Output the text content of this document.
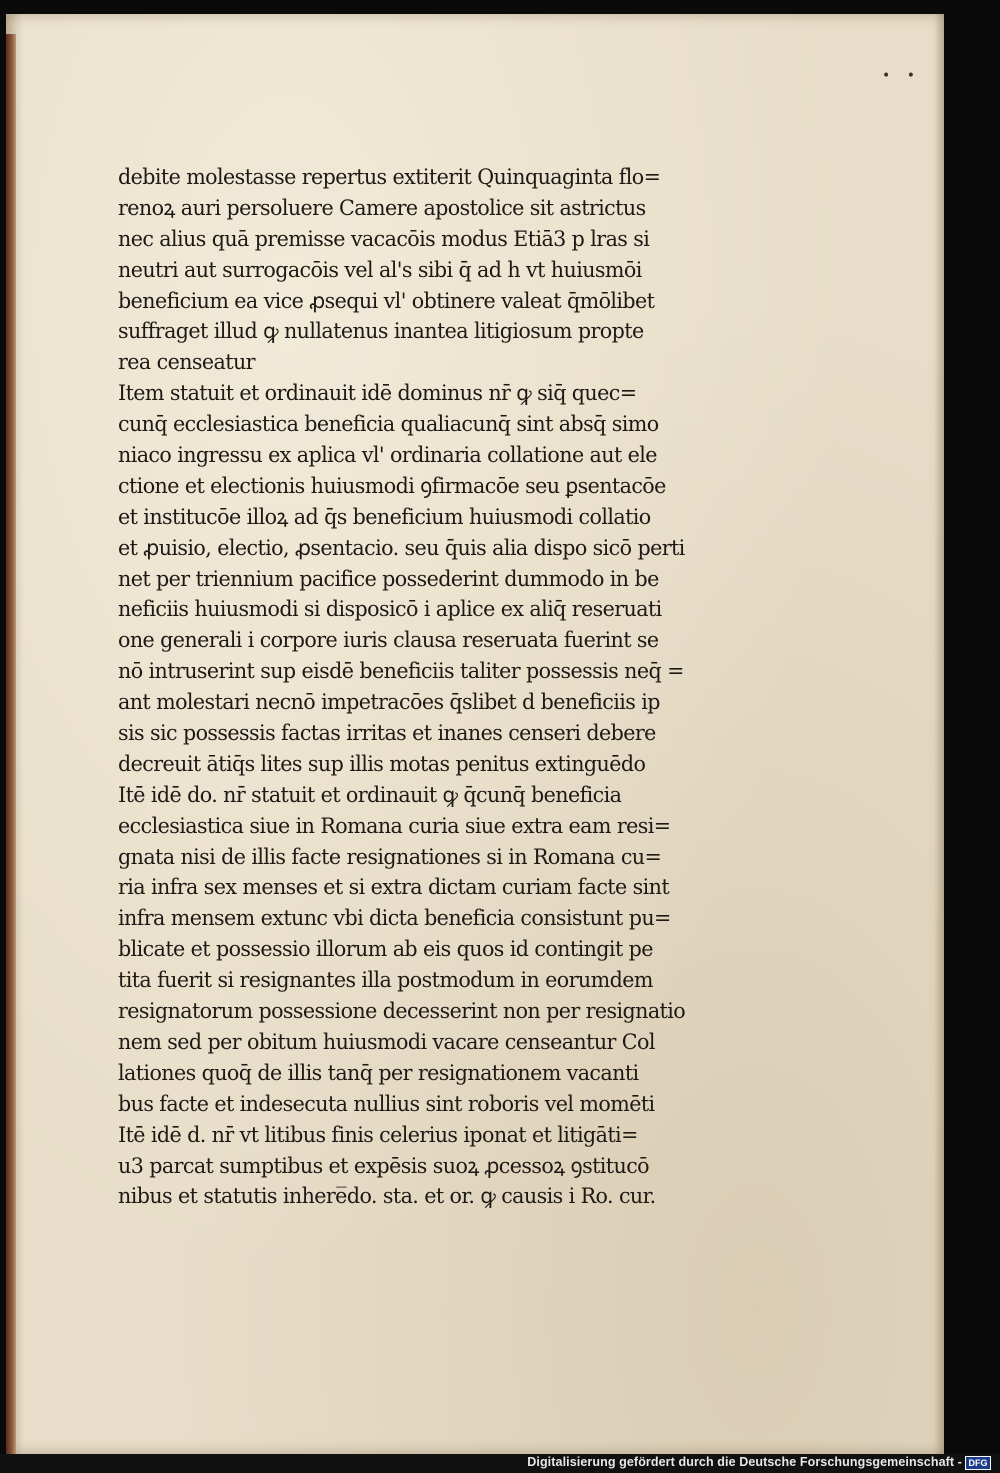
• •
debite molestasse repertus extiterit Quinquaginta flo=
renoꝝ auri persoluere Camere apostolice sit astrictus
nec alius quā premisse vacacōis modus Etiā3 p lras si
neutri aut surrogacōis vel al's sibi q̄ ad h vt huiusmōi
beneficium ea vice ꝓsequi vl' obtinere valeat q̄mōlibet
suffraget illud ꝙ nullatenus inantea litigiosum propte
rea censeatur
Item statuit et ordinauit idē dominus nr̄ ꝙ siq̄ quec=
cunq̄ ecclesiastica beneficia qualiacunq̄ sint absq̄ simo
niaco ingressu ex aplica vl' ordinaria collatione aut ele
ctione et electionis huiusmodi ꝯfirmacōe seu ꝑsentacōe
et institucōe illoꝝ ad q̄s beneficium huiusmodi collatio
et ꝓuisio, electio, ꝓsentacio. seu q̄uis alia dispo sicō perti
net per triennium pacifice possederint dummodo in be
neficiis huiusmodi si disposicō i aplice ex aliq̄ reseruati
one generali i corpore iuris clausa reseruata fuerint se
nō intruserint sup eisdē beneficiis taliter possessis neq̄ =
ant molestari necnō impetracōes q̄slibet d beneficiis ip
sis sic possessis factas irritas et inanes censeri debere
decreuit ātiq̄s lites sup illis motas penitus extinguēdo
Itē idē do. nr̄ statuit et ordinauit ꝙ q̄cunq̄ beneficia
ecclesiastica siue in Romana curia siue extra eam resi=
gnata nisi de illis facte resignationes si in Romana cu=
ria infra sex menses et si extra dictam curiam facte sint
infra mensem extunc vbi dicta beneficia consistunt pu=
blicate et possessio illorum ab eis quos id contingit pe
tita fuerit si resignantes illa postmodum in eorumdem
resignatorum possessione decesserint non per resignatio
nem sed per obitum huiusmodi vacare censeantur Col
lationes quoq̄ de illis tanq̄ per resignationem vacanti
bus facte et indesecuta nullius sint roboris vel momēti
Itē idē d. nr̄ vt litibus finis celerius iponat et litigāti=
u3 parcat sumptibus et expēsis suoꝝ ꝓcessoꝝ ꝯstitucō
nibus et statutis inhere̅do. sta. et or. ꝙ causis i Ro. cur.
Digitalisierung gefördert durch die Deutsche Forschungsgemeinschaft - DFG
